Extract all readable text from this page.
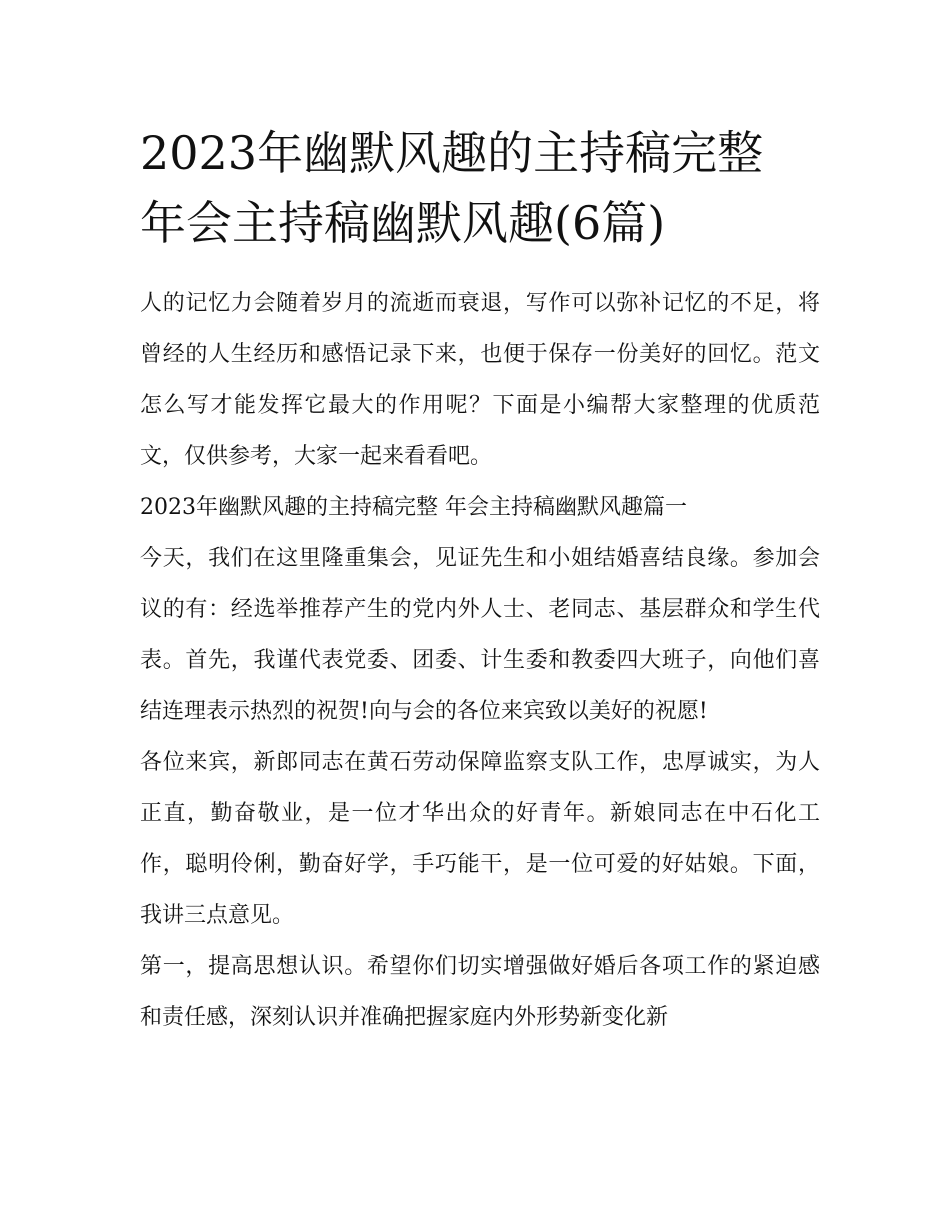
2023年幽默风趣的主持稿完整
年会主持稿幽默风趣(6篇)

人的记忆力会随着岁月的流逝而衰退，写作可以弥补记忆的不足，将曾经的人生经历和感悟记录下来，也便于保存一份美好的回忆。范文怎么写才能发挥它最大的作用呢？下面是小编帮大家整理的优质范文，仅供参考，大家一起来看看吧。

2023年幽默风趣的主持稿完整 年会主持稿幽默风趣篇一

今天，我们在这里隆重集会，见证先生和小姐结婚喜结良缘。参加会议的有：经选举推荐产生的党内外人士、老同志、基层群众和学生代表。首先，我谨代表党委、团委、计生委和教委四大班子，向他们喜结连理表示热烈的祝贺!向与会的各位来宾致以美好的祝愿!

各位来宾，新郎同志在黄石劳动保障监察支队工作，忠厚诚实，为人正直，勤奋敬业，是一位才华出众的好青年。新娘同志在中石化工作，聪明伶俐，勤奋好学，手巧能干，是一位可爱的好姑娘。下面，我讲三点意见。

第一，提高思想认识。希望你们切实增强做好婚后各项工作的紧迫感和责任感，深刻认识并准确把握家庭内外形势新变化新
